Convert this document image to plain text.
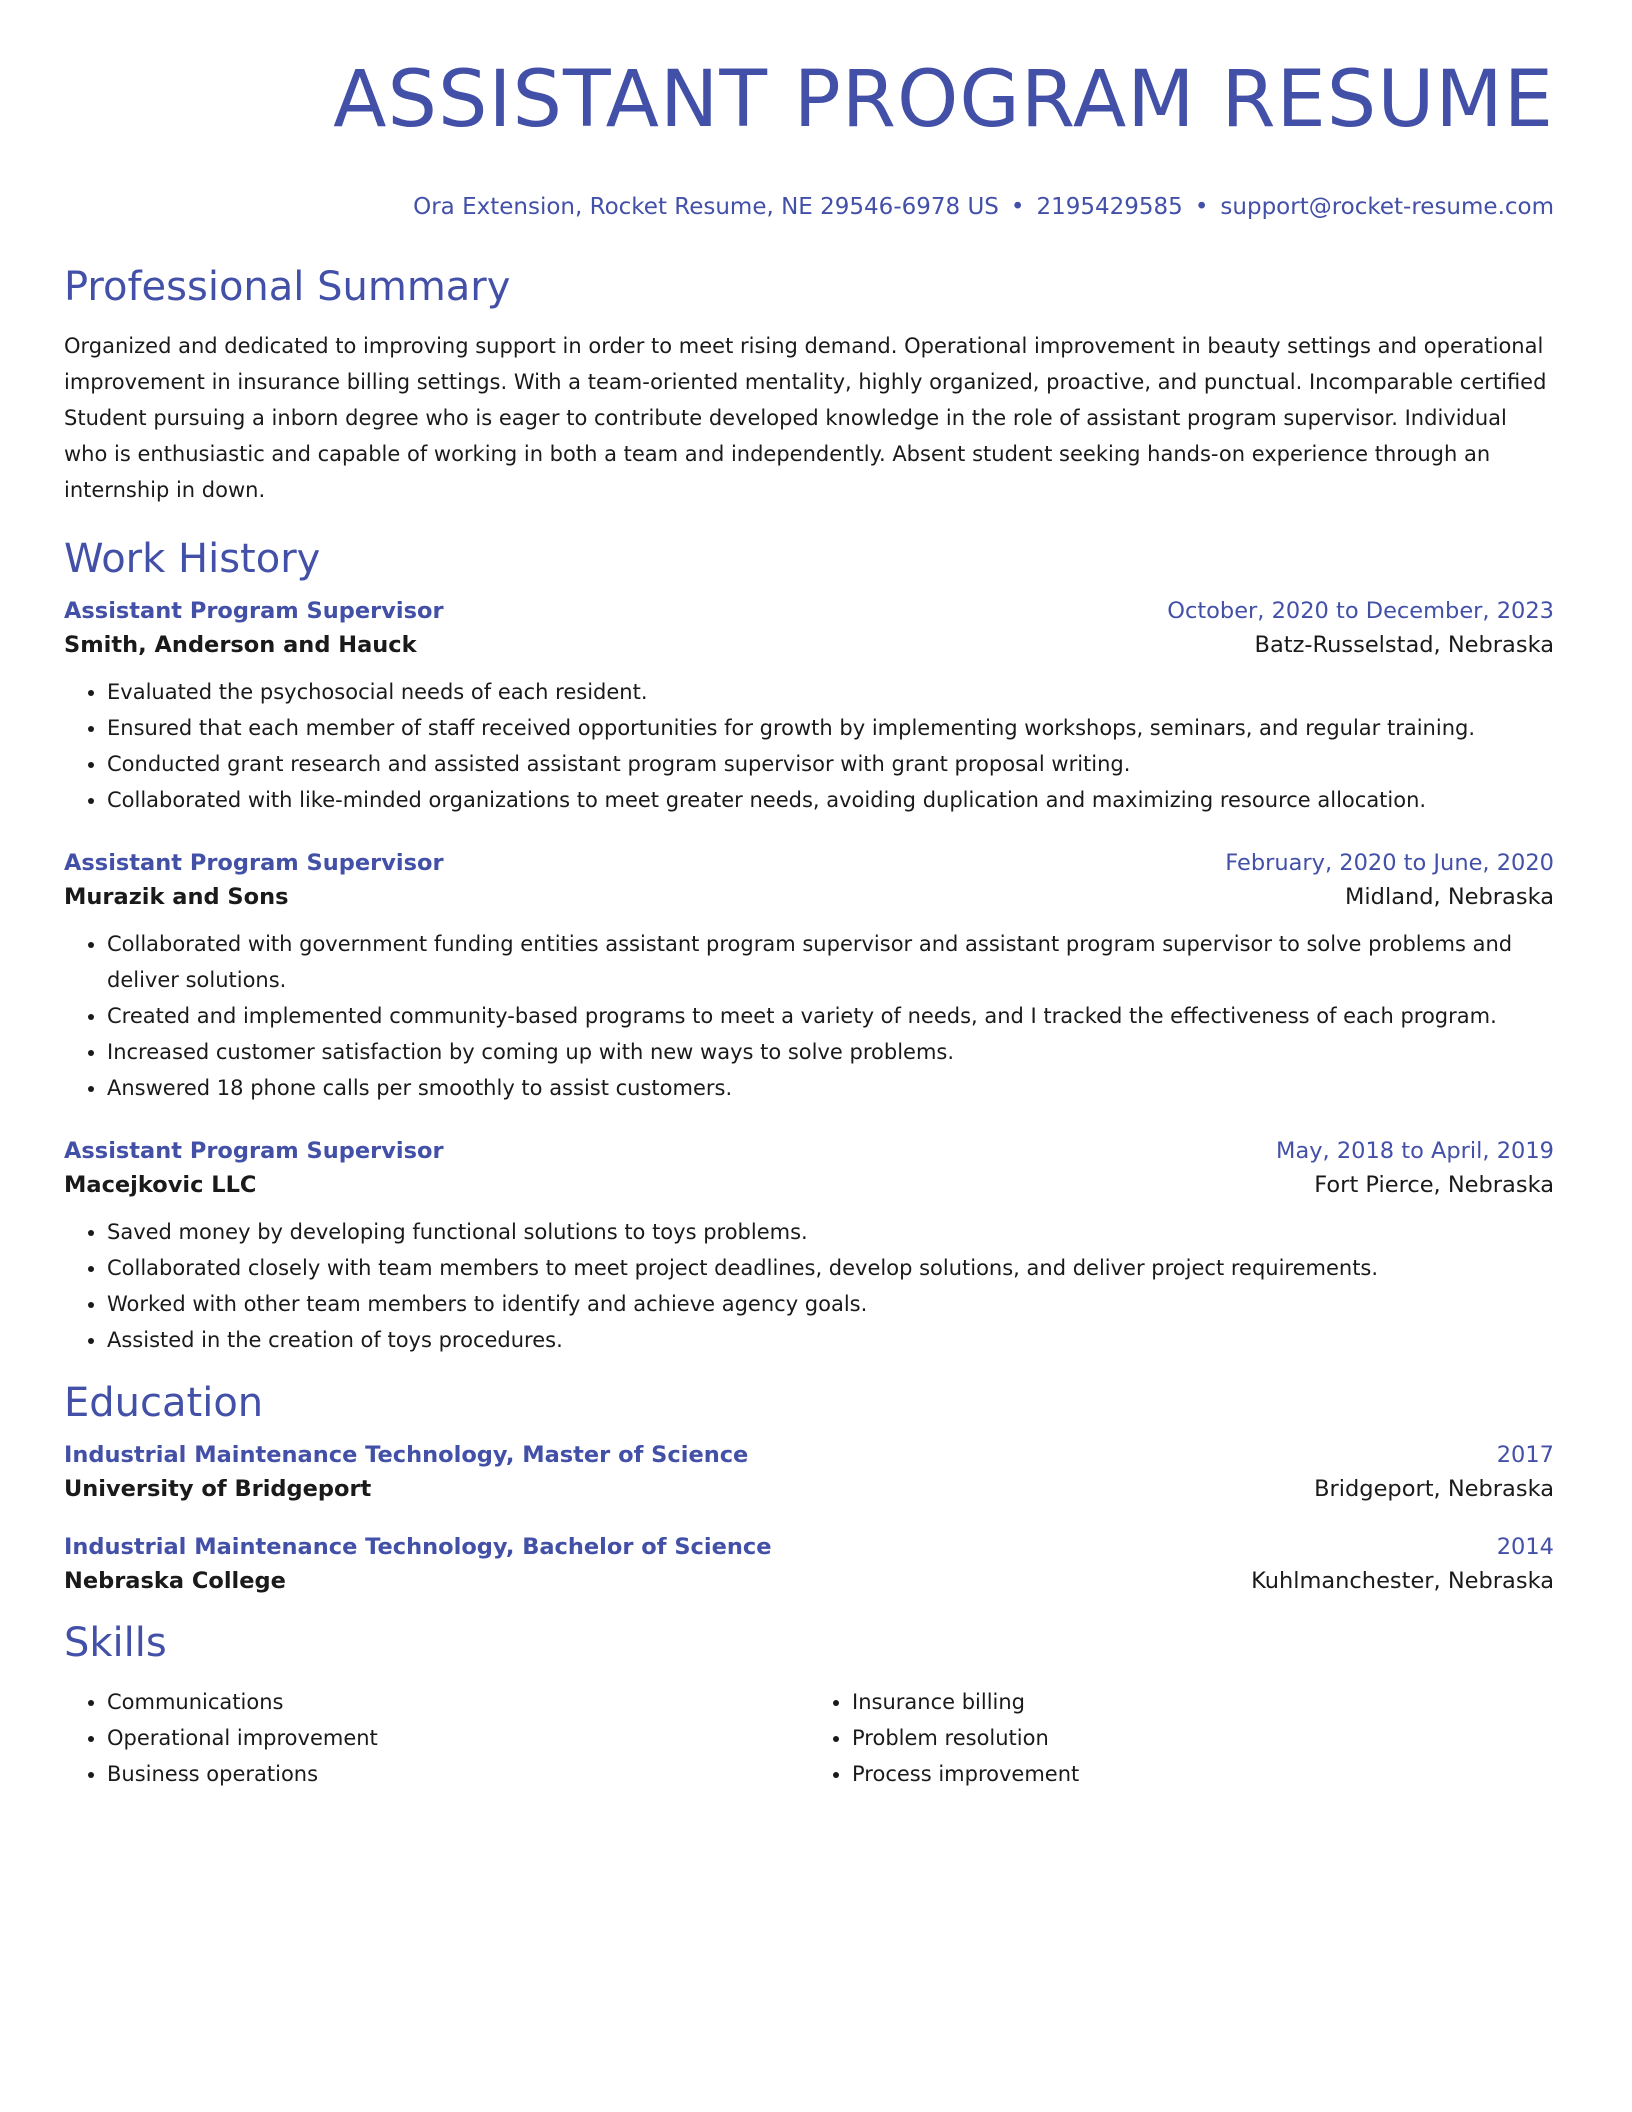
ASSISTANT PROGRAM RESUME
Ora Extension, Rocket Resume, NE 29546-6978 US • 2195429585 • support@rocket-resume.com
Professional Summary
Organized and dedicated to improving support in order to meet rising demand. Operational improvement in beauty settings and operational improvement in insurance billing settings. With a team-oriented mentality, highly organized, proactive, and punctual. Incomparable certified Student pursuing a inborn degree who is eager to contribute developed knowledge in the role of assistant program supervisor. Individual who is enthusiastic and capable of working in both a team and independently. Absent student seeking hands-on experience through an internship in down.
Work History
Assistant Program Supervisor	October, 2020 to December, 2023
Smith, Anderson and Hauck	Batz-Russelstad, Nebraska
• Evaluated the psychosocial needs of each resident.
• Ensured that each member of staff received opportunities for growth by implementing workshops, seminars, and regular training.
• Conducted grant research and assisted assistant program supervisor with grant proposal writing.
• Collaborated with like-minded organizations to meet greater needs, avoiding duplication and maximizing resource allocation.
Assistant Program Supervisor	February, 2020 to June, 2020
Murazik and Sons	Midland, Nebraska
• Collaborated with government funding entities assistant program supervisor and assistant program supervisor to solve problems and deliver solutions.
• Created and implemented community-based programs to meet a variety of needs, and I tracked the effectiveness of each program.
• Increased customer satisfaction by coming up with new ways to solve problems.
• Answered 18 phone calls per smoothly to assist customers.
Assistant Program Supervisor	May, 2018 to April, 2019
Macejkovic LLC	Fort Pierce, Nebraska
• Saved money by developing functional solutions to toys problems.
• Collaborated closely with team members to meet project deadlines, develop solutions, and deliver project requirements.
• Worked with other team members to identify and achieve agency goals.
• Assisted in the creation of toys procedures.
Education
Industrial Maintenance Technology, Master of Science	2017
University of Bridgeport	Bridgeport, Nebraska
Industrial Maintenance Technology, Bachelor of Science	2014
Nebraska College	Kuhlmanchester, Nebraska
Skills
• Communications
• Operational improvement
• Business operations
• Insurance billing
• Problem resolution
• Process improvement
